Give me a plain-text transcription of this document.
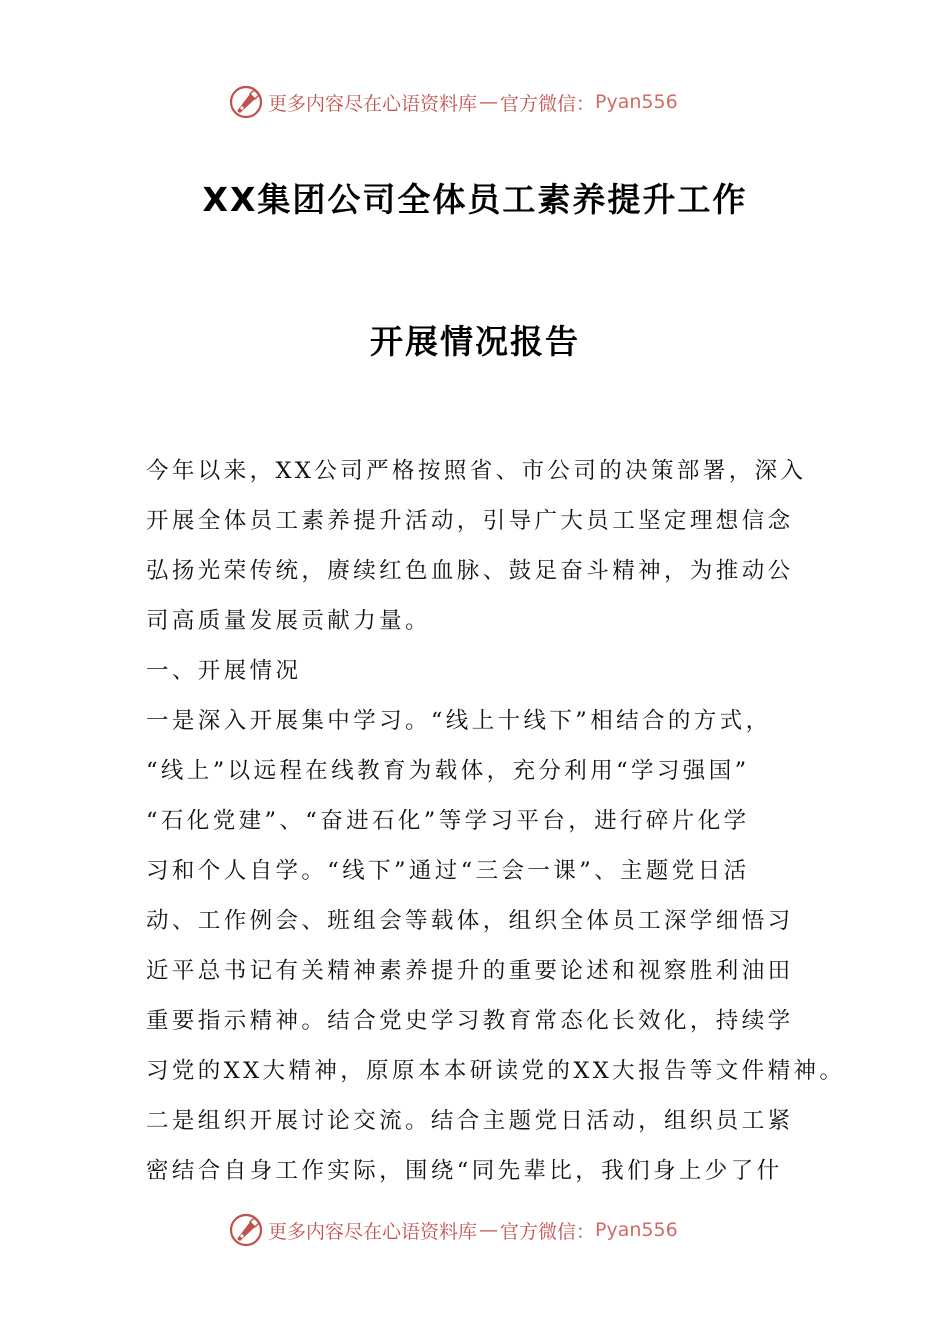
更多内容尽在心语资料库 — 官方微信： Pyan556
XX集团公司全体员工素养提升工作
开展情况报告
今年以来，XX公司严格按照省、市公司的决策部署，深入
开展全体员工素养提升活动，引导广大员工坚定理想信念
弘扬光荣传统，赓续红色血脉、鼓足奋斗精神，为推动公
司高质量发展贡献力量。
一、开展情况
一是深入开展集中学习。“线上十线下”相结合的方式，
“线上”以远程在线教育为载体，充分利用“学习强国”
“石化党建”、“奋进石化”等学习平台，进行碎片化学
习和个人自学。“线下”通过“三会一课”、主题党日活
动、工作例会、班组会等载体，组织全体员工深学细悟习
近平总书记有关精神素养提升的重要论述和视察胜利油田
重要指示精神。结合党史学习教育常态化长效化，持续学
习党的XX大精神，原原本本研读党的XX大报告等文件精神。
二是组织开展讨论交流。结合主题党日活动，组织员工紧
密结合自身工作实际，围绕“同先辈比，我们身上少了什
更多内容尽在心语资料库 — 官方微信： Pyan556
